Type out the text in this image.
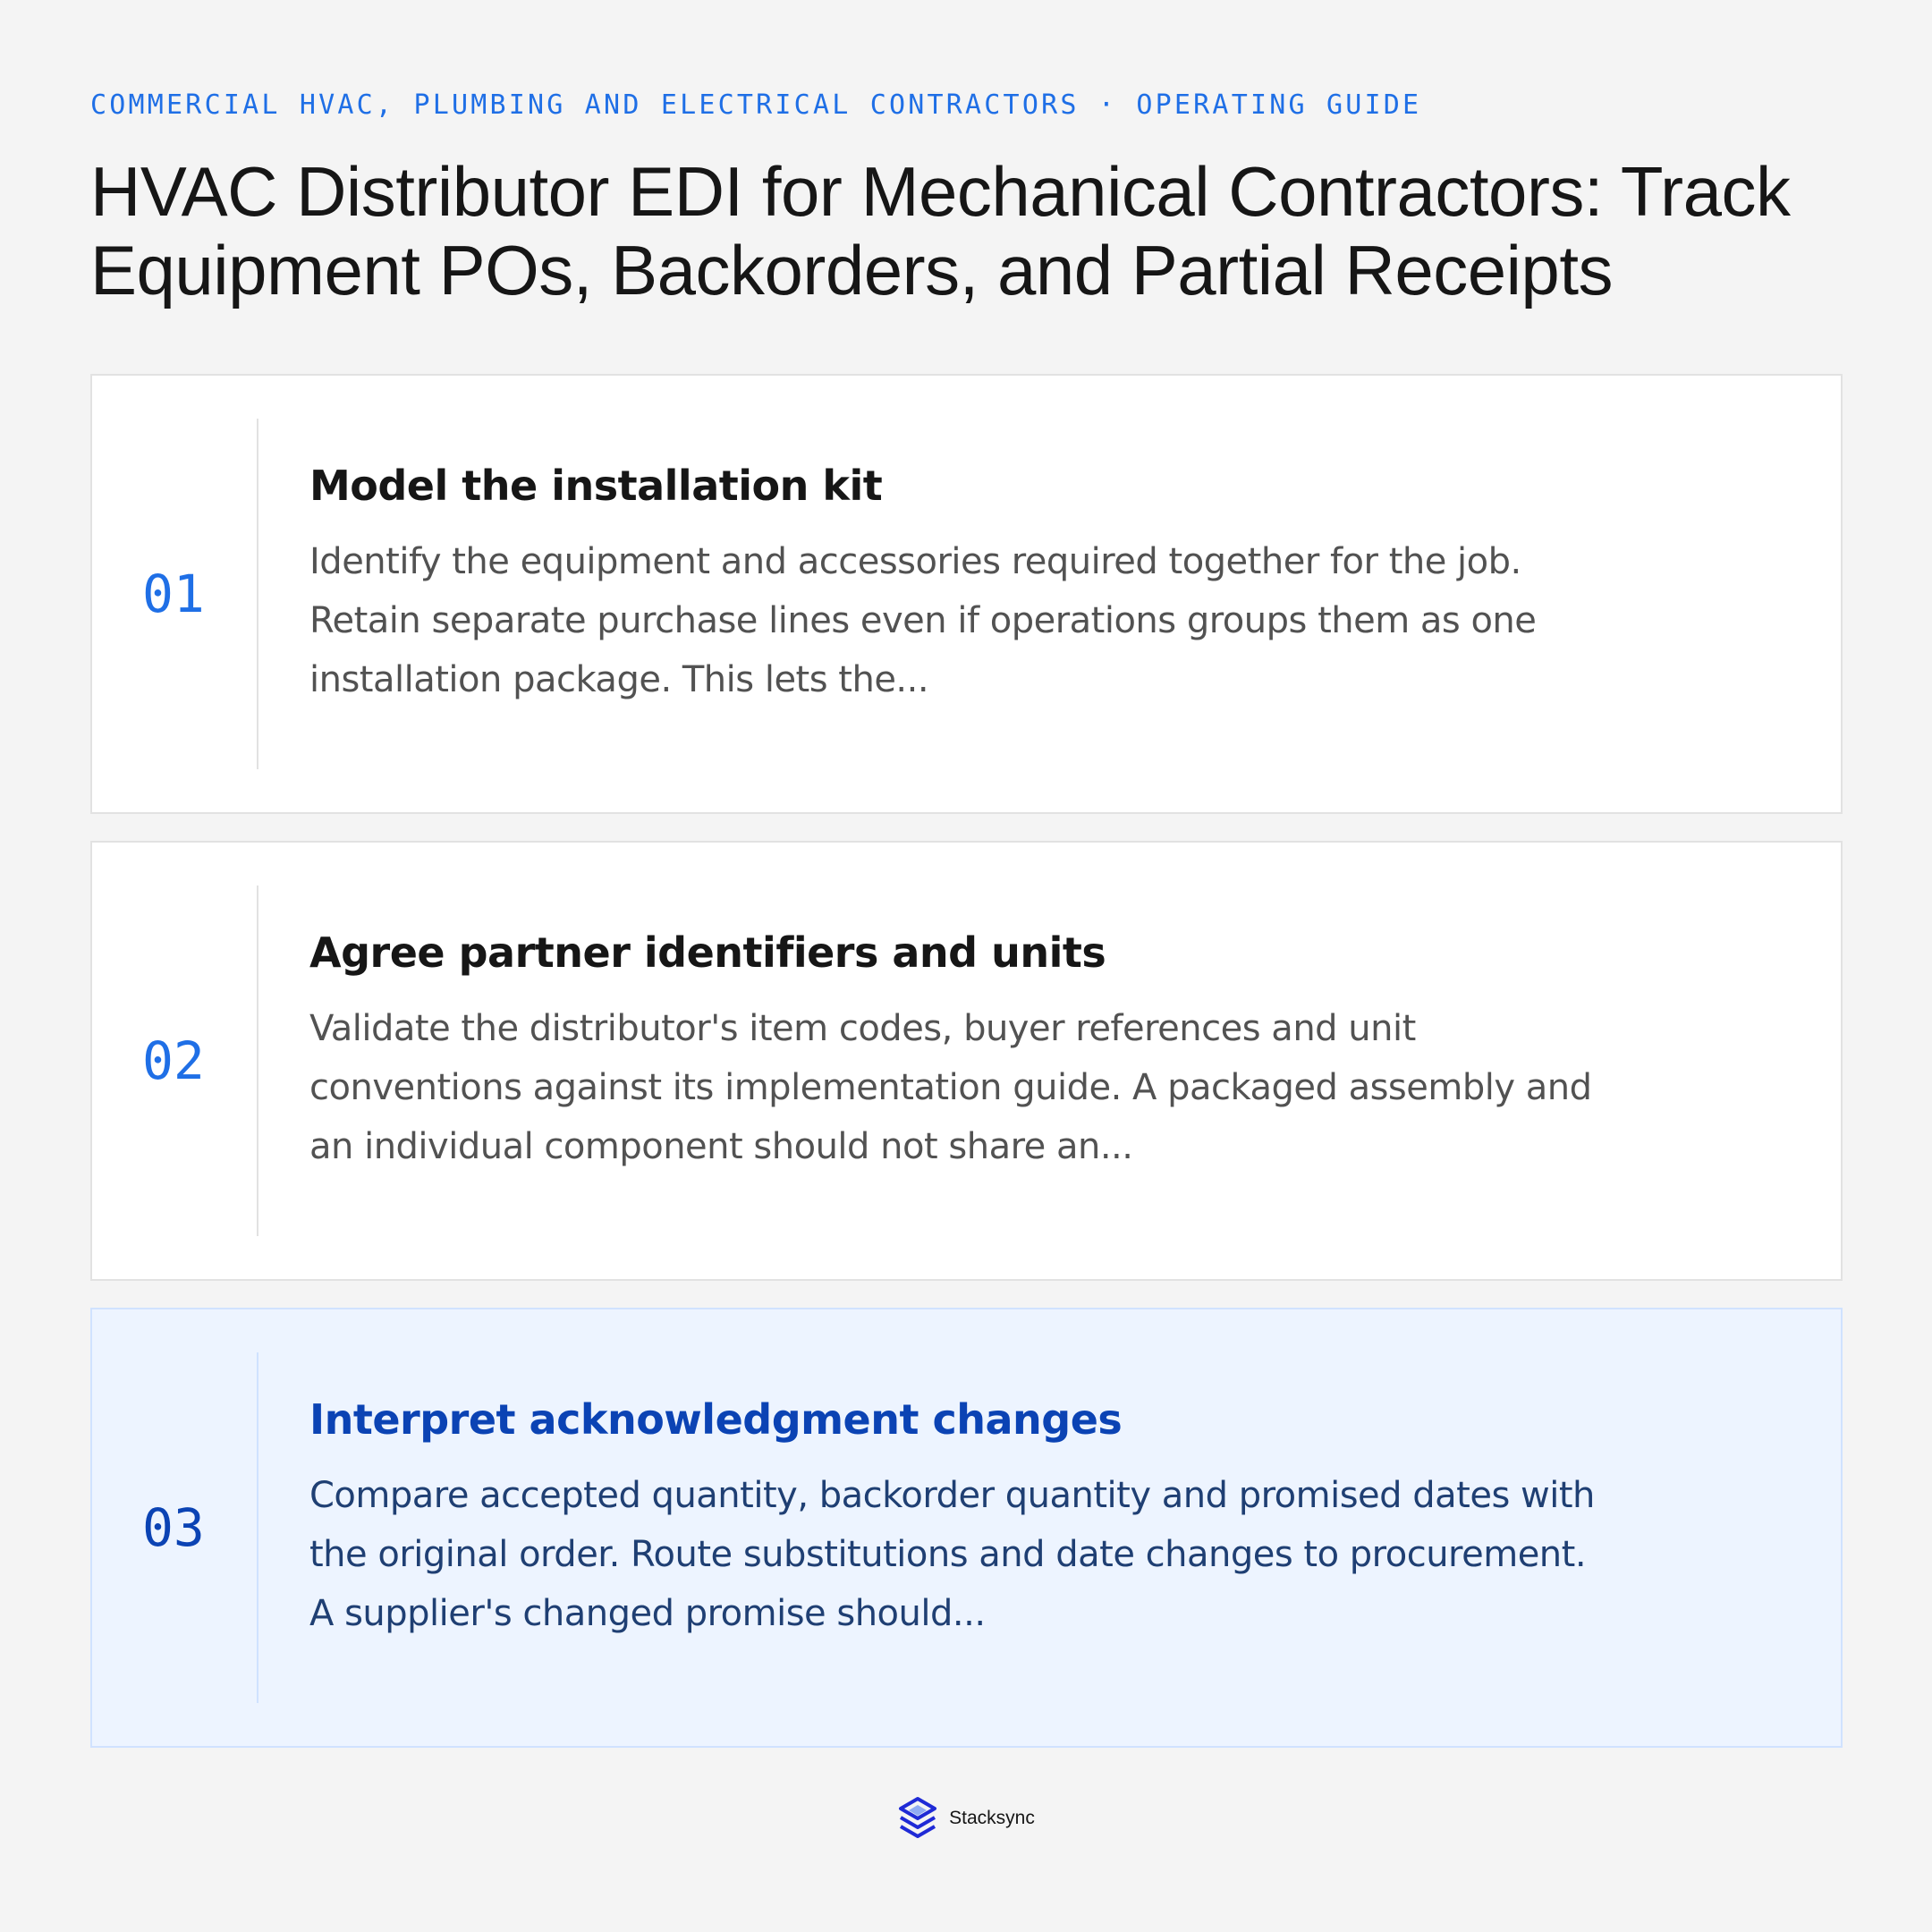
COMMERCIAL HVAC, PLUMBING AND ELECTRICAL CONTRACTORS · OPERATING GUIDE
HVAC Distributor EDI for Mechanical Contractors: Track Equipment POs, Backorders, and Partial Receipts
01
Model the installation kit
Identify the equipment and accessories required together for the job. Retain separate purchase lines even if operations groups them as one installation package. This lets the...
02
Agree partner identifiers and units
Validate the distributor's item codes, buyer references and unit conventions against its implementation guide. A packaged assembly and an individual component should not share an...
03
Interpret acknowledgment changes
Compare accepted quantity, backorder quantity and promised dates with the original order. Route substitutions and date changes to procurement. A supplier's changed promise should...
Stacksync
